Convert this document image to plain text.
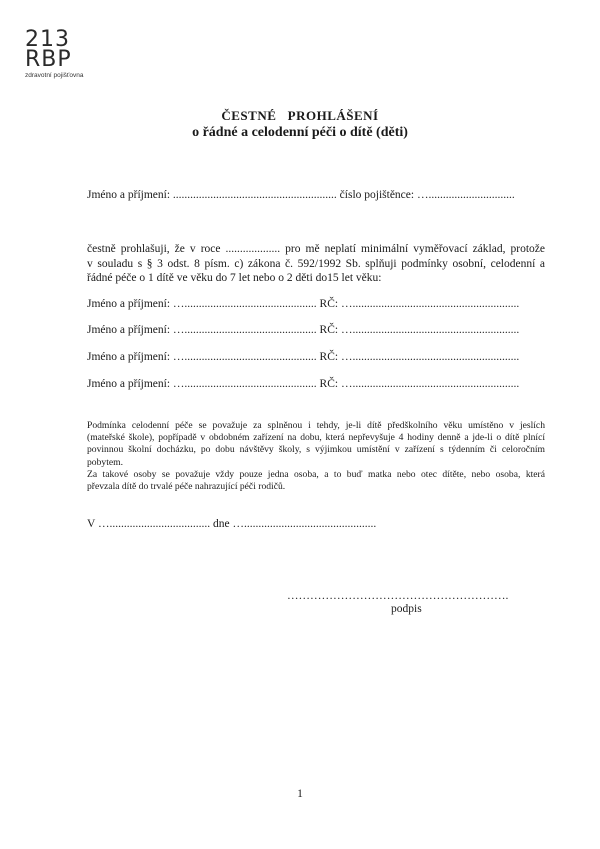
213
RBP
zdravotní pojišťovna
ČESTNÉ   PROHLÁŠENÍ
o řádné a celodenní péči o dítě (děti)
Jméno a příjmení: ......................................................... číslo pojištěnce: …..............................
čestně prohlašuji, že v roce ................... pro mě neplatí minimální vyměřovací základ, protože
v souladu s § 3 odst. 8 písm. c) zákona č. 592/1992 Sb. splňuji podmínky osobní, celodenní a
řádné péče o 1 dítě ve věku do 7 let nebo o 2 děti do15 let věku:
Jméno a příjmení: ….............................................. RČ: …..........................................................
Jméno a příjmení: ….............................................. RČ: …..........................................................
Jméno a příjmení: ….............................................. RČ: …..........................................................
Jméno a příjmení: ….............................................. RČ: …..........................................................
Podmínka celodenní péče se považuje za splněnou i tehdy, je-li dítě předškolního věku umístěno v jeslích
(mateřské škole), popřípadě v obdobném zařízení na dobu, která nepřevyšuje 4 hodiny denně a jde-li o dítě plnící
povinnou školní docházku, po dobu návštěvy školy, s výjimkou umístění v zařízení s týdenním či celoročním
pobytem.
Za takové osoby se považuje vždy pouze jedna osoba, a to buď matka nebo otec dítěte, nebo osoba, která
převzala dítě do trvalé péče nahrazující péči rodičů.
V …................................... dne …..............................................
………………………………………………….
podpis
1
